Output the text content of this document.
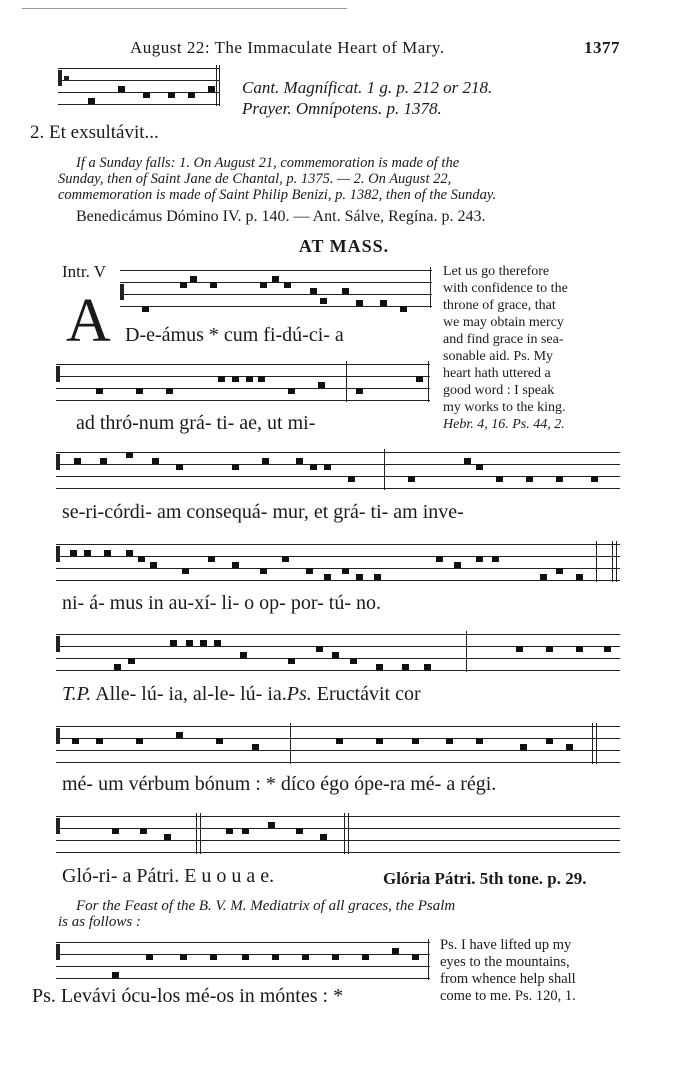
August 22: The Immaculate Heart of Mary.	1377
Cant. Magníficat. 1 g. p. 212 or 218.
Prayer. Omnípotens. p. 1378.
2. Et exsultávit...
If a Sunday falls: 1. On August 21, commemoration is made of the
Sunday, then of Saint Jane de Chantal, p. 1375. — 2. On August 22,
commemoration is made of Saint Philip Benizi, p. 1382, then of the Sunday.
Benedicámus Dómino IV. p. 140. — Ant. Sálve, Regína. p. 243.
AT MASS.
Intr. V
A D-e-ámus * cum fi-dú-ci- a
ad thró-num grá- ti- ae, ut mi-
Let us go therefore
with confidence to the
throne of grace, that
we may obtain mercy
and find grace in sea-
sonable aid. Ps. My
heart hath uttered a
good word : I speak
my works to the king.
Hebr. 4, 16. Ps. 44, 2.
se-ri-córdi- am consequá- mur, et grá- ti- am inve-
ni- á- mus in au-xí- li- o op- por- tú- no.
T.P. Alle- lú- ia, al-le- lú- ia.Ps. Eructávit cor
mé- um vérbum bónum : * díco égo ópe-ra mé- a régi.
Gló-ri- a Pátri. E u o u a e.	Glória Pátri. 5th tone. p. 29.
For the Feast of the B. V. M. Mediatrix of all graces, the Psalm
is as follows :
Ps. Levávi ócu-los mé-os in móntes : *
Ps. I have lifted up my
eyes to the mountains,
from whence help shall
come to me. Ps. 120, 1.
